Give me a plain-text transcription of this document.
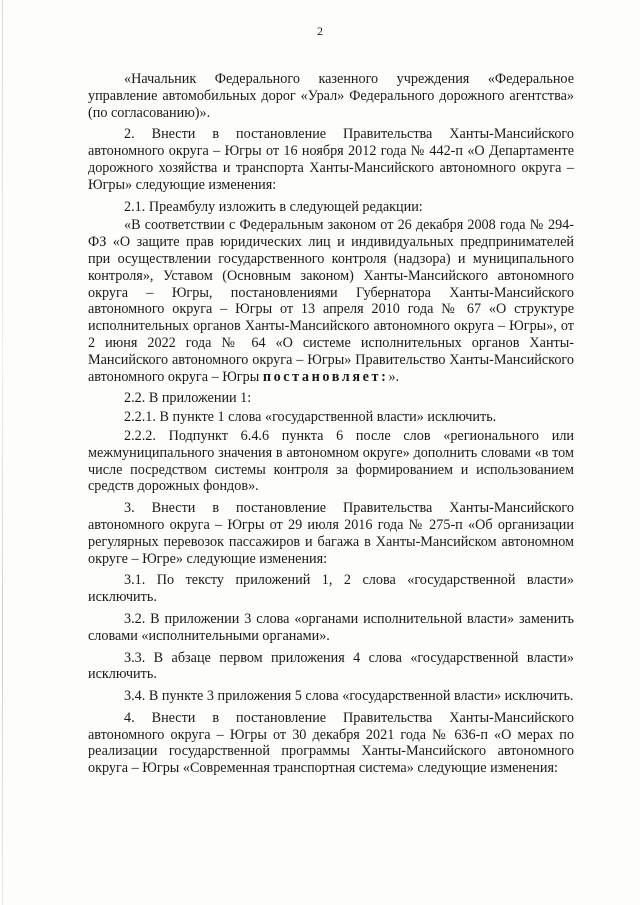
2

«Начальник Федерального казенного учреждения «Федеральное управление автомобильных дорог «Урал» Федерального дорожного агентства» (по согласованию)».

2. Внести в постановление Правительства Ханты-Мансийского автономного округа – Югры от 16 ноября 2012 года № 442-п «О Департаменте дорожного хозяйства и транспорта Ханты-Мансийского автономного округа – Югры» следующие изменения:

2.1. Преамбулу изложить в следующей редакции:

«В соответствии с Федеральным законом от 26 декабря 2008 года № 294-ФЗ «О защите прав юридических лиц и индивидуальных предпринимателей при осуществлении государственного контроля (надзора) и муниципального контроля», Уставом (Основным законом) Ханты-Мансийского автономного округа – Югры, постановлениями Губернатора Ханты-Мансийского автономного округа – Югры от 13 апреля 2010 года № 67 «О структуре исполнительных органов Ханты-Мансийского автономного округа – Югры», от 2 июня 2022 года № 64 «О системе исполнительных органов Ханты-Мансийского автономного округа – Югры» Правительство Ханты-Мансийского автономного округа – Югры постановляет:».

2.2. В приложении 1:

2.2.1. В пункте 1 слова «государственной власти» исключить.

2.2.2. Подпункт 6.4.6 пункта 6 после слов «регионального или межмуниципального значения в автономном округе» дополнить словами «в том числе посредством системы контроля за формированием и использованием средств дорожных фондов».

3. Внести в постановление Правительства Ханты-Мансийского автономного округа – Югры от 29 июля 2016 года № 275-п «Об организации регулярных перевозок пассажиров и багажа в Ханты-Мансийском автономном округе – Югре» следующие изменения:

3.1. По тексту приложений 1, 2 слова «государственной власти» исключить.

3.2. В приложении 3 слова «органами исполнительной власти» заменить словами «исполнительными органами».

3.3. В абзаце первом приложения 4 слова «государственной власти» исключить.

3.4. В пункте 3 приложения 5 слова «государственной власти» исключить.

4. Внести в постановление Правительства Ханты-Мансийского автономного округа – Югры от 30 декабря 2021 года № 636-п «О мерах по реализации государственной программы Ханты-Мансийского автономного округа – Югры «Современная транспортная система» следующие изменения:
